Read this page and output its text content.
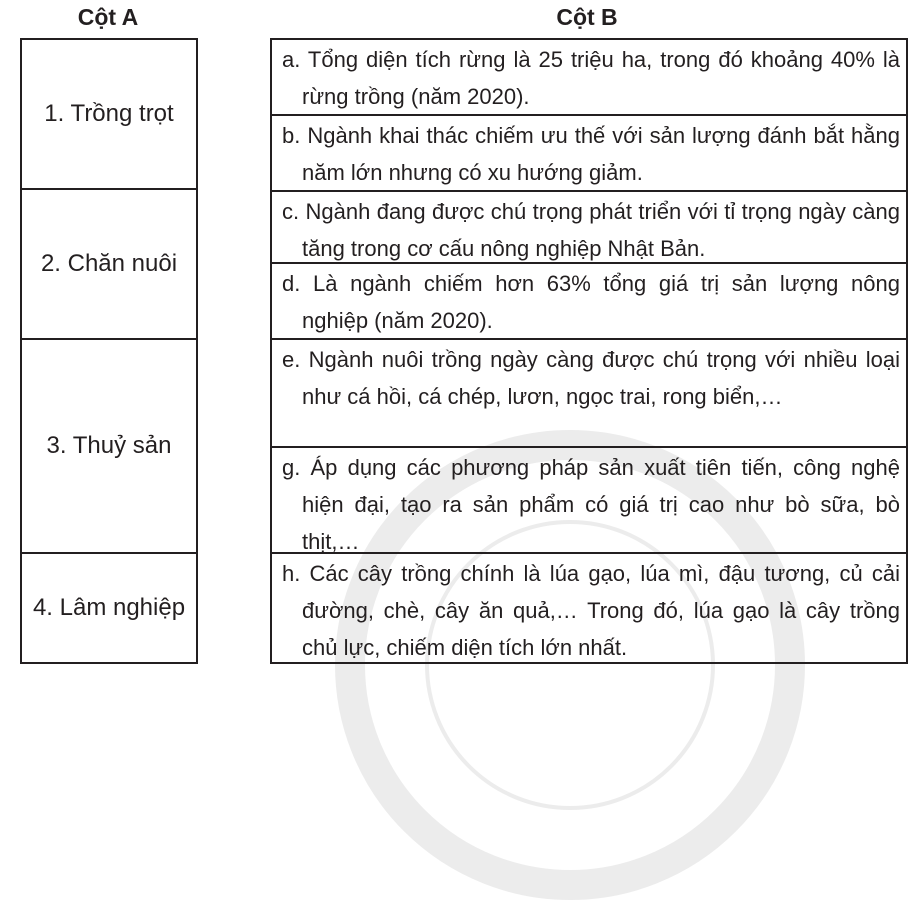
Cột A	Cột B
1. Trồng trọt
2. Chăn nuôi
3. Thuỷ sản
4. Lâm nghiệp
a. Tổng diện tích rừng là 25 triệu ha, trong đó khoảng 40% là rừng trồng (năm 2020).
b. Ngành khai thác chiếm ưu thế với sản lượng đánh bắt hằng năm lớn nhưng có xu hướng giảm.
c. Ngành đang được chú trọng phát triển với tỉ trọng ngày càng tăng trong cơ cấu nông nghiệp Nhật Bản.
d. Là ngành chiếm hơn 63% tổng giá trị sản lượng nông nghiệp (năm 2020).
e. Ngành nuôi trồng ngày càng được chú trọng với nhiều loại như cá hồi, cá chép, lươn, ngọc trai, rong biển,…
g. Áp dụng các phương pháp sản xuất tiên tiến, công nghệ hiện đại, tạo ra sản phẩm có giá trị cao như bò sữa, bò thịt,…
h. Các cây trồng chính là lúa gạo, lúa mì, đậu tương, củ cải đường, chè, cây ăn quả,… Trong đó, lúa gạo là cây trồng chủ lực, chiếm diện tích lớn nhất.
